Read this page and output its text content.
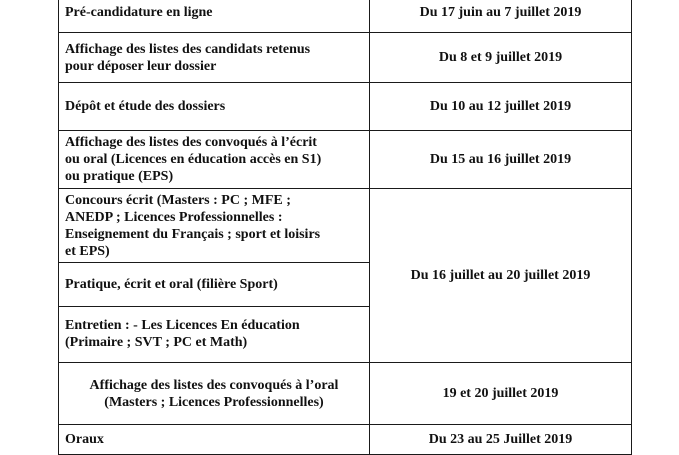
Pré-candidature en ligne	Du 17 juin au 7 juillet 2019

Affichage des listes des candidats retenus
pour déposer leur dossier	Du 8 et 9 juillet 2019

Dépôt et étude des dossiers	Du 10 au 12 juillet 2019

Affichage des listes des convoqués à l’écrit
ou oral (Licences en éducation accès en S1)
ou pratique (EPS)	Du 15 au 16 juillet 2019

Concours écrit (Masters : PC ; MFE ;
ANEDP ; Licences Professionnelles :
Enseignement du Français ; sport et loisirs
et EPS)	Du 16 juillet au 20 juillet 2019

Pratique, écrit et oral (filière Sport)	

Entretien : - Les Licences En éducation
(Primaire ; SVT ; PC et Math)	

Affichage des listes des convoqués à l’oral
(Masters ; Licences Professionnelles)	19 et 20 juillet 2019

Oraux	Du 23 au 25 Juillet 2019
